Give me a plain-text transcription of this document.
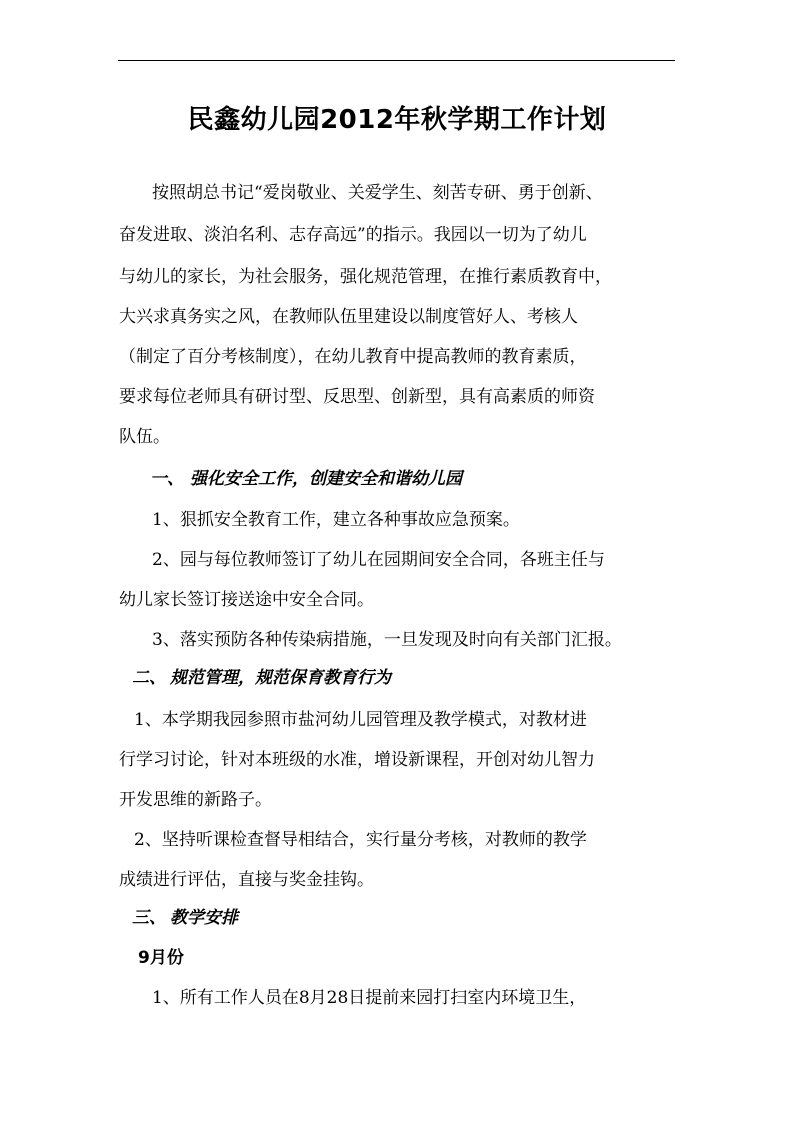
民鑫幼儿园2012年秋学期工作计划
按照胡总书记“爱岗敬业、关爱学生、刻苦专研、勇于创新、
奋发进取、淡泊名利、志存高远”的指示。我园以一切为了幼儿
与幼儿的家长，为社会服务，强化规范管理，在推行素质教育中，
大兴求真务实之风，在教师队伍里建设以制度管好人、考核人
（制定了百分考核制度），在幼儿教育中提高教师的教育素质，
要求每位老师具有研讨型、反思型、创新型，具有高素质的师资
队伍。
一、 强化安全工作，创建安全和谐幼儿园
1、狠抓安全教育工作，建立各种事故应急预案。
2、园与每位教师签订了幼儿在园期间安全合同，各班主任与
幼儿家长签订接送途中安全合同。
3、落实预防各种传染病措施，一旦发现及时向有关部门汇报。
二、 规范管理，规范保育教育行为
1、本学期我园参照市盐河幼儿园管理及教学模式，对教材进
行学习讨论，针对本班级的水准，增设新课程，开创对幼儿智力
开发思维的新路子。
2、坚持听课检查督导相结合，实行量分考核，对教师的教学
成绩进行评估，直接与奖金挂钩。
三、 教学安排
9月份
1、所有工作人员在8月28日提前来园打扫室内环境卫生，
